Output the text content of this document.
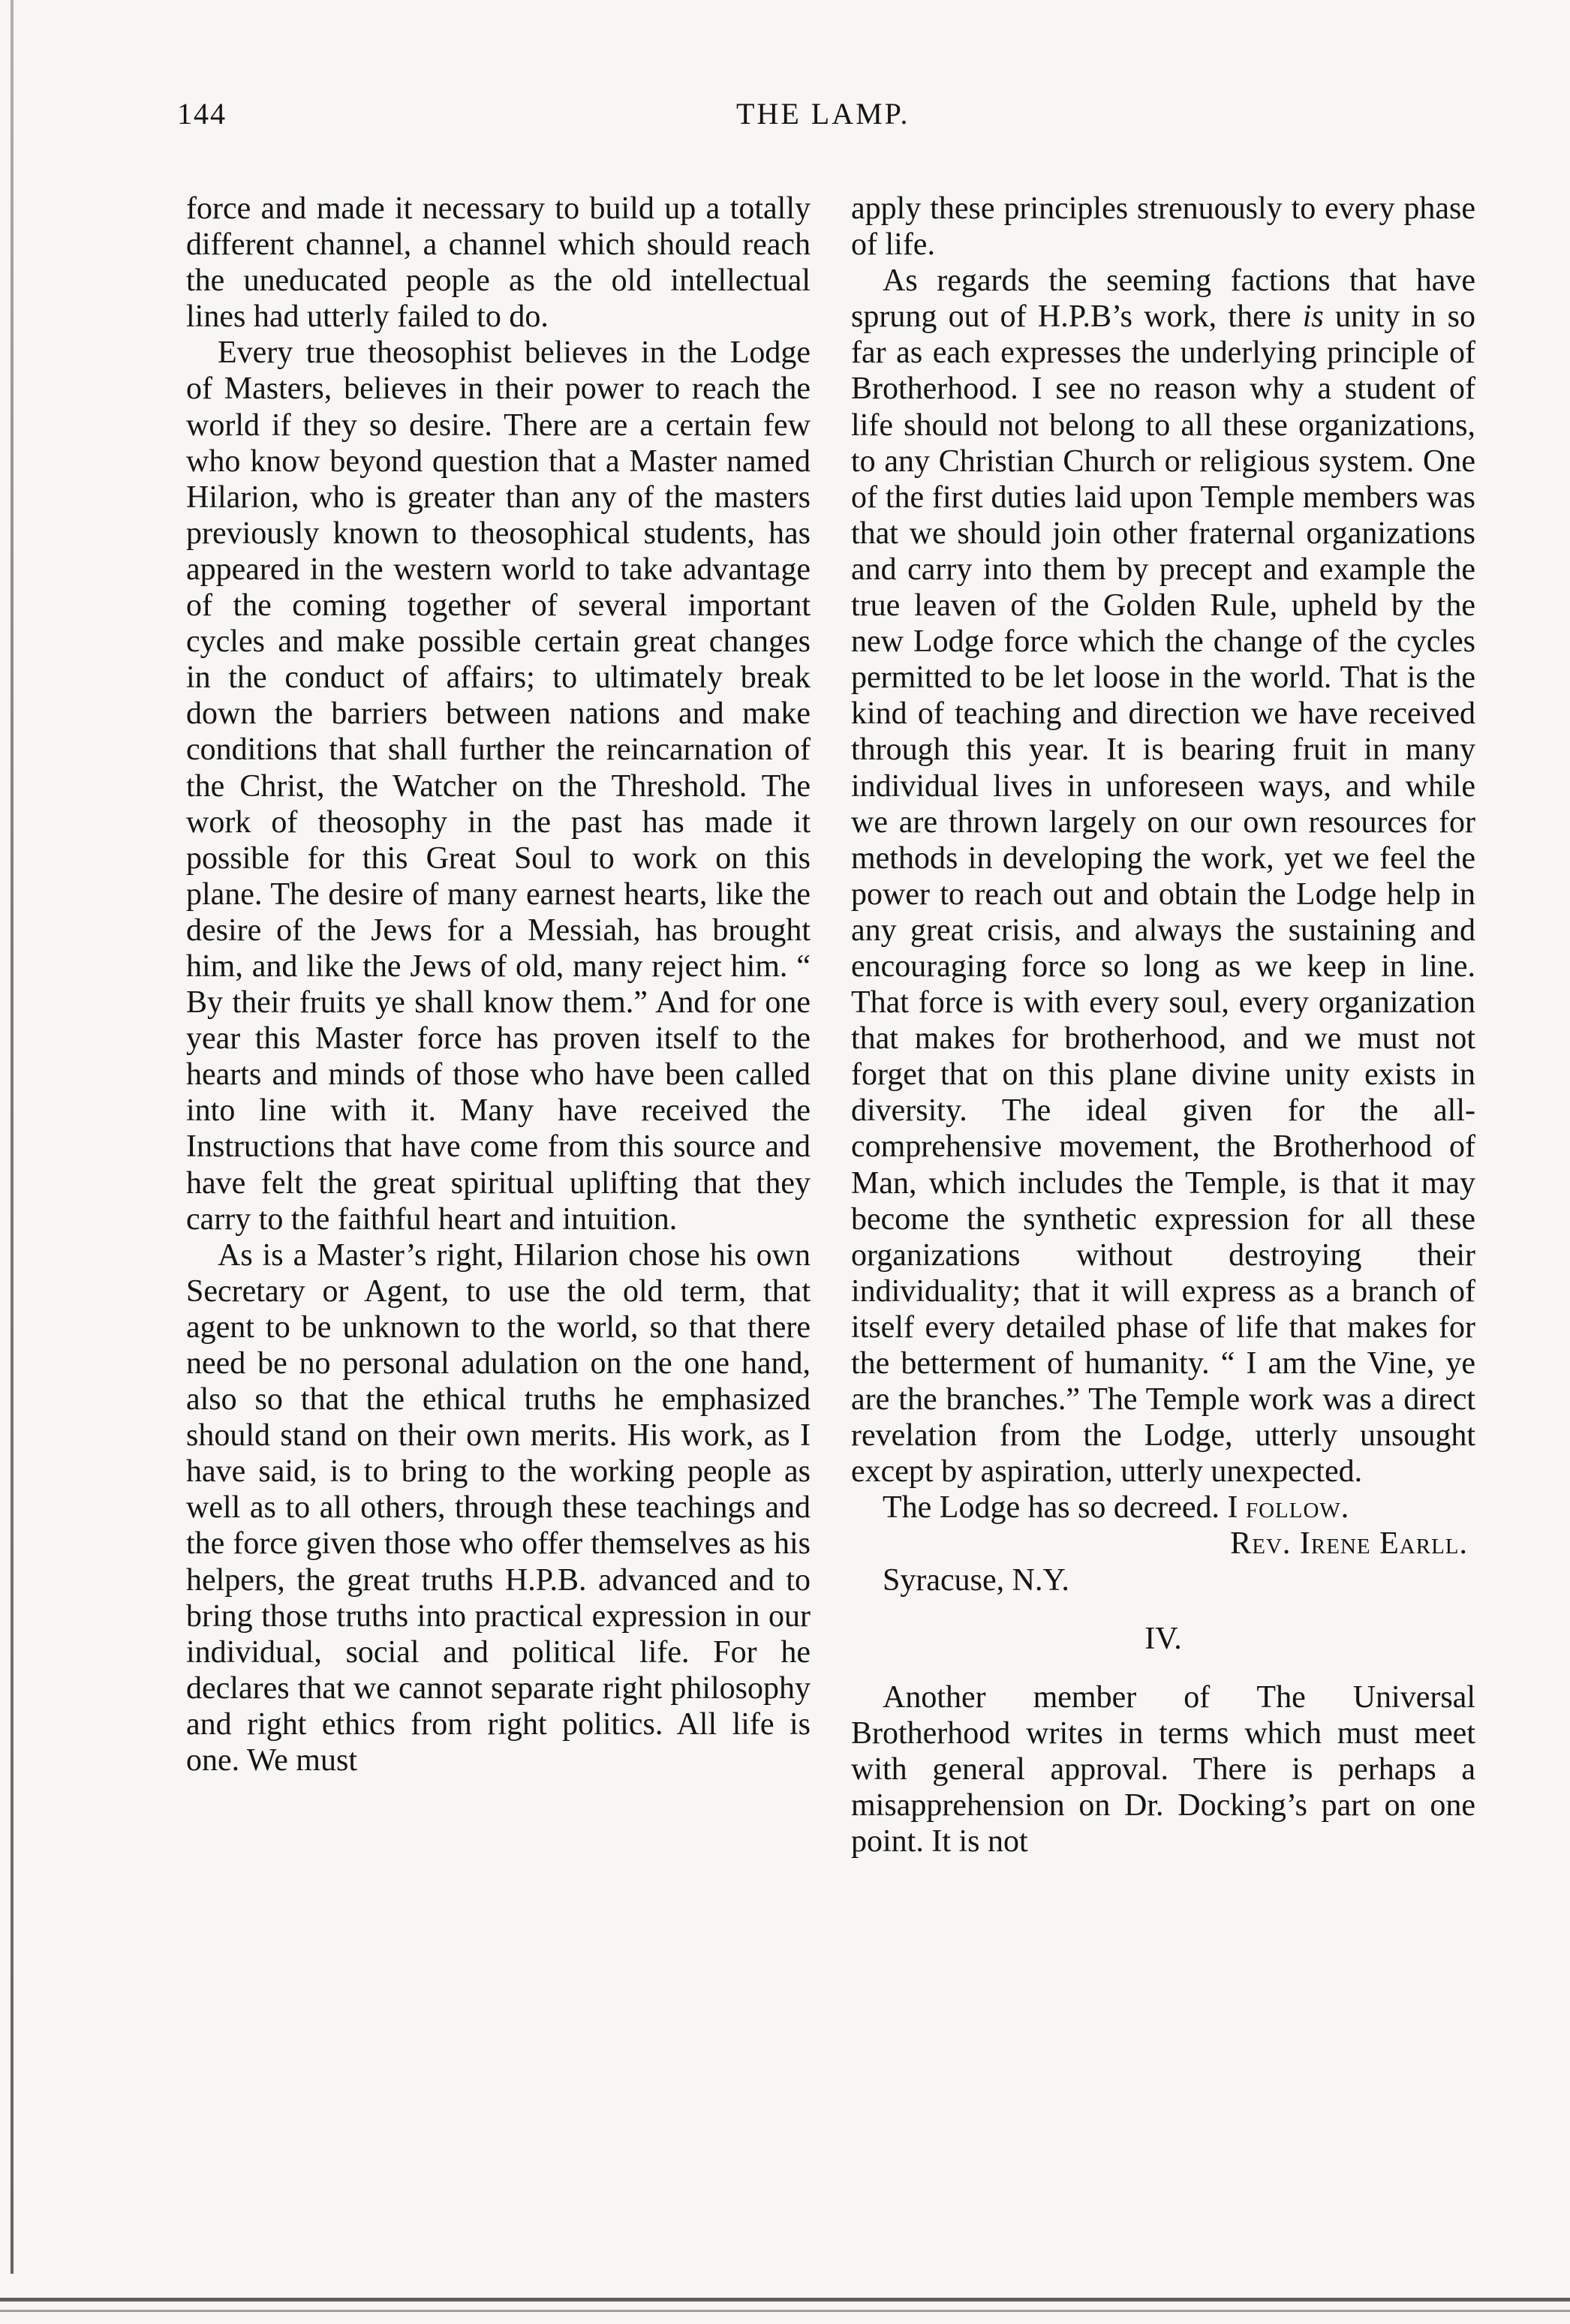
144	THE LAMP.

force and made it necessary to build up a totally different channel, a channel which should reach the uneducated people as the old intellectual lines had utterly failed to do.

Every true theosophist believes in the Lodge of Masters, believes in their power to reach the world if they so desire. There are a certain few who know beyond question that a Master named Hilarion, who is greater than any of the masters previously known to theosophical students, has appeared in the western world to take advantage of the coming together of several important cycles and make possible certain great changes in the conduct of affairs; to ultimately break down the barriers between nations and make conditions that shall further the reincarnation of the Christ, the Watcher on the Threshold. The work of theosophy in the past has made it possible for this Great Soul to work on this plane. The desire of many earnest hearts, like the desire of the Jews for a Messiah, has brought him, and like the Jews of old, many reject him. “ By their fruits ye shall know them.” And for one year this Master force has proven itself to the hearts and minds of those who have been called into line with it. Many have received the Instructions that have come from this source and have felt the great spiritual uplifting that they carry to the faithful heart and intuition.

As is a Master’s right, Hilarion chose his own Secretary or Agent, to use the old term, that agent to be unknown to the world, so that there need be no personal adulation on the one hand, also so that the ethical truths he emphasized should stand on their own merits. His work, as I have said, is to bring to the working people as well as to all others, through these teachings and the force given those who offer themselves as his helpers, the great truths H.P.B. advanced and to bring those truths into practical expression in our individual, social and political life. For he declares that we cannot separate right philosophy and right ethics from right politics. All life is one. We must

apply these principles strenuously to every phase of life.

As regards the seeming factions that have sprung out of H.P.B’s work, there is unity in so far as each expresses the underlying principle of Brotherhood. I see no reason why a student of life should not belong to all these organizations, to any Christian Church or religious system. One of the first duties laid upon Temple members was that we should join other fraternal organizations and carry into them by precept and example the true leaven of the Golden Rule, upheld by the new Lodge force which the change of the cycles permitted to be let loose in the world. That is the kind of teaching and direction we have received through this year. It is bearing fruit in many individual lives in unforeseen ways, and while we are thrown largely on our own resources for methods in developing the work, yet we feel the power to reach out and obtain the Lodge help in any great crisis, and always the sustaining and encouraging force so long as we keep in line. That force is with every soul, every organization that makes for brotherhood, and we must not forget that on this plane divine unity exists in diversity. The ideal given for the all-comprehensive movement, the Brotherhood of Man, which includes the Temple, is that it may become the synthetic expression for all these organizations without destroying their individuality; that it will express as a branch of itself every detailed phase of life that makes for the betterment of humanity. “ I am the Vine, ye are the branches.” The Temple work was a direct revelation from the Lodge, utterly unsought except by aspiration, utterly unexpected.

The Lodge has so decreed. I follow.

Rev. Irene Earll.

Syracuse, N.Y.

IV.

Another member of The Universal Brotherhood writes in terms which must meet with general approval. There is perhaps a misapprehension on Dr. Docking’s part on one point. It is not
